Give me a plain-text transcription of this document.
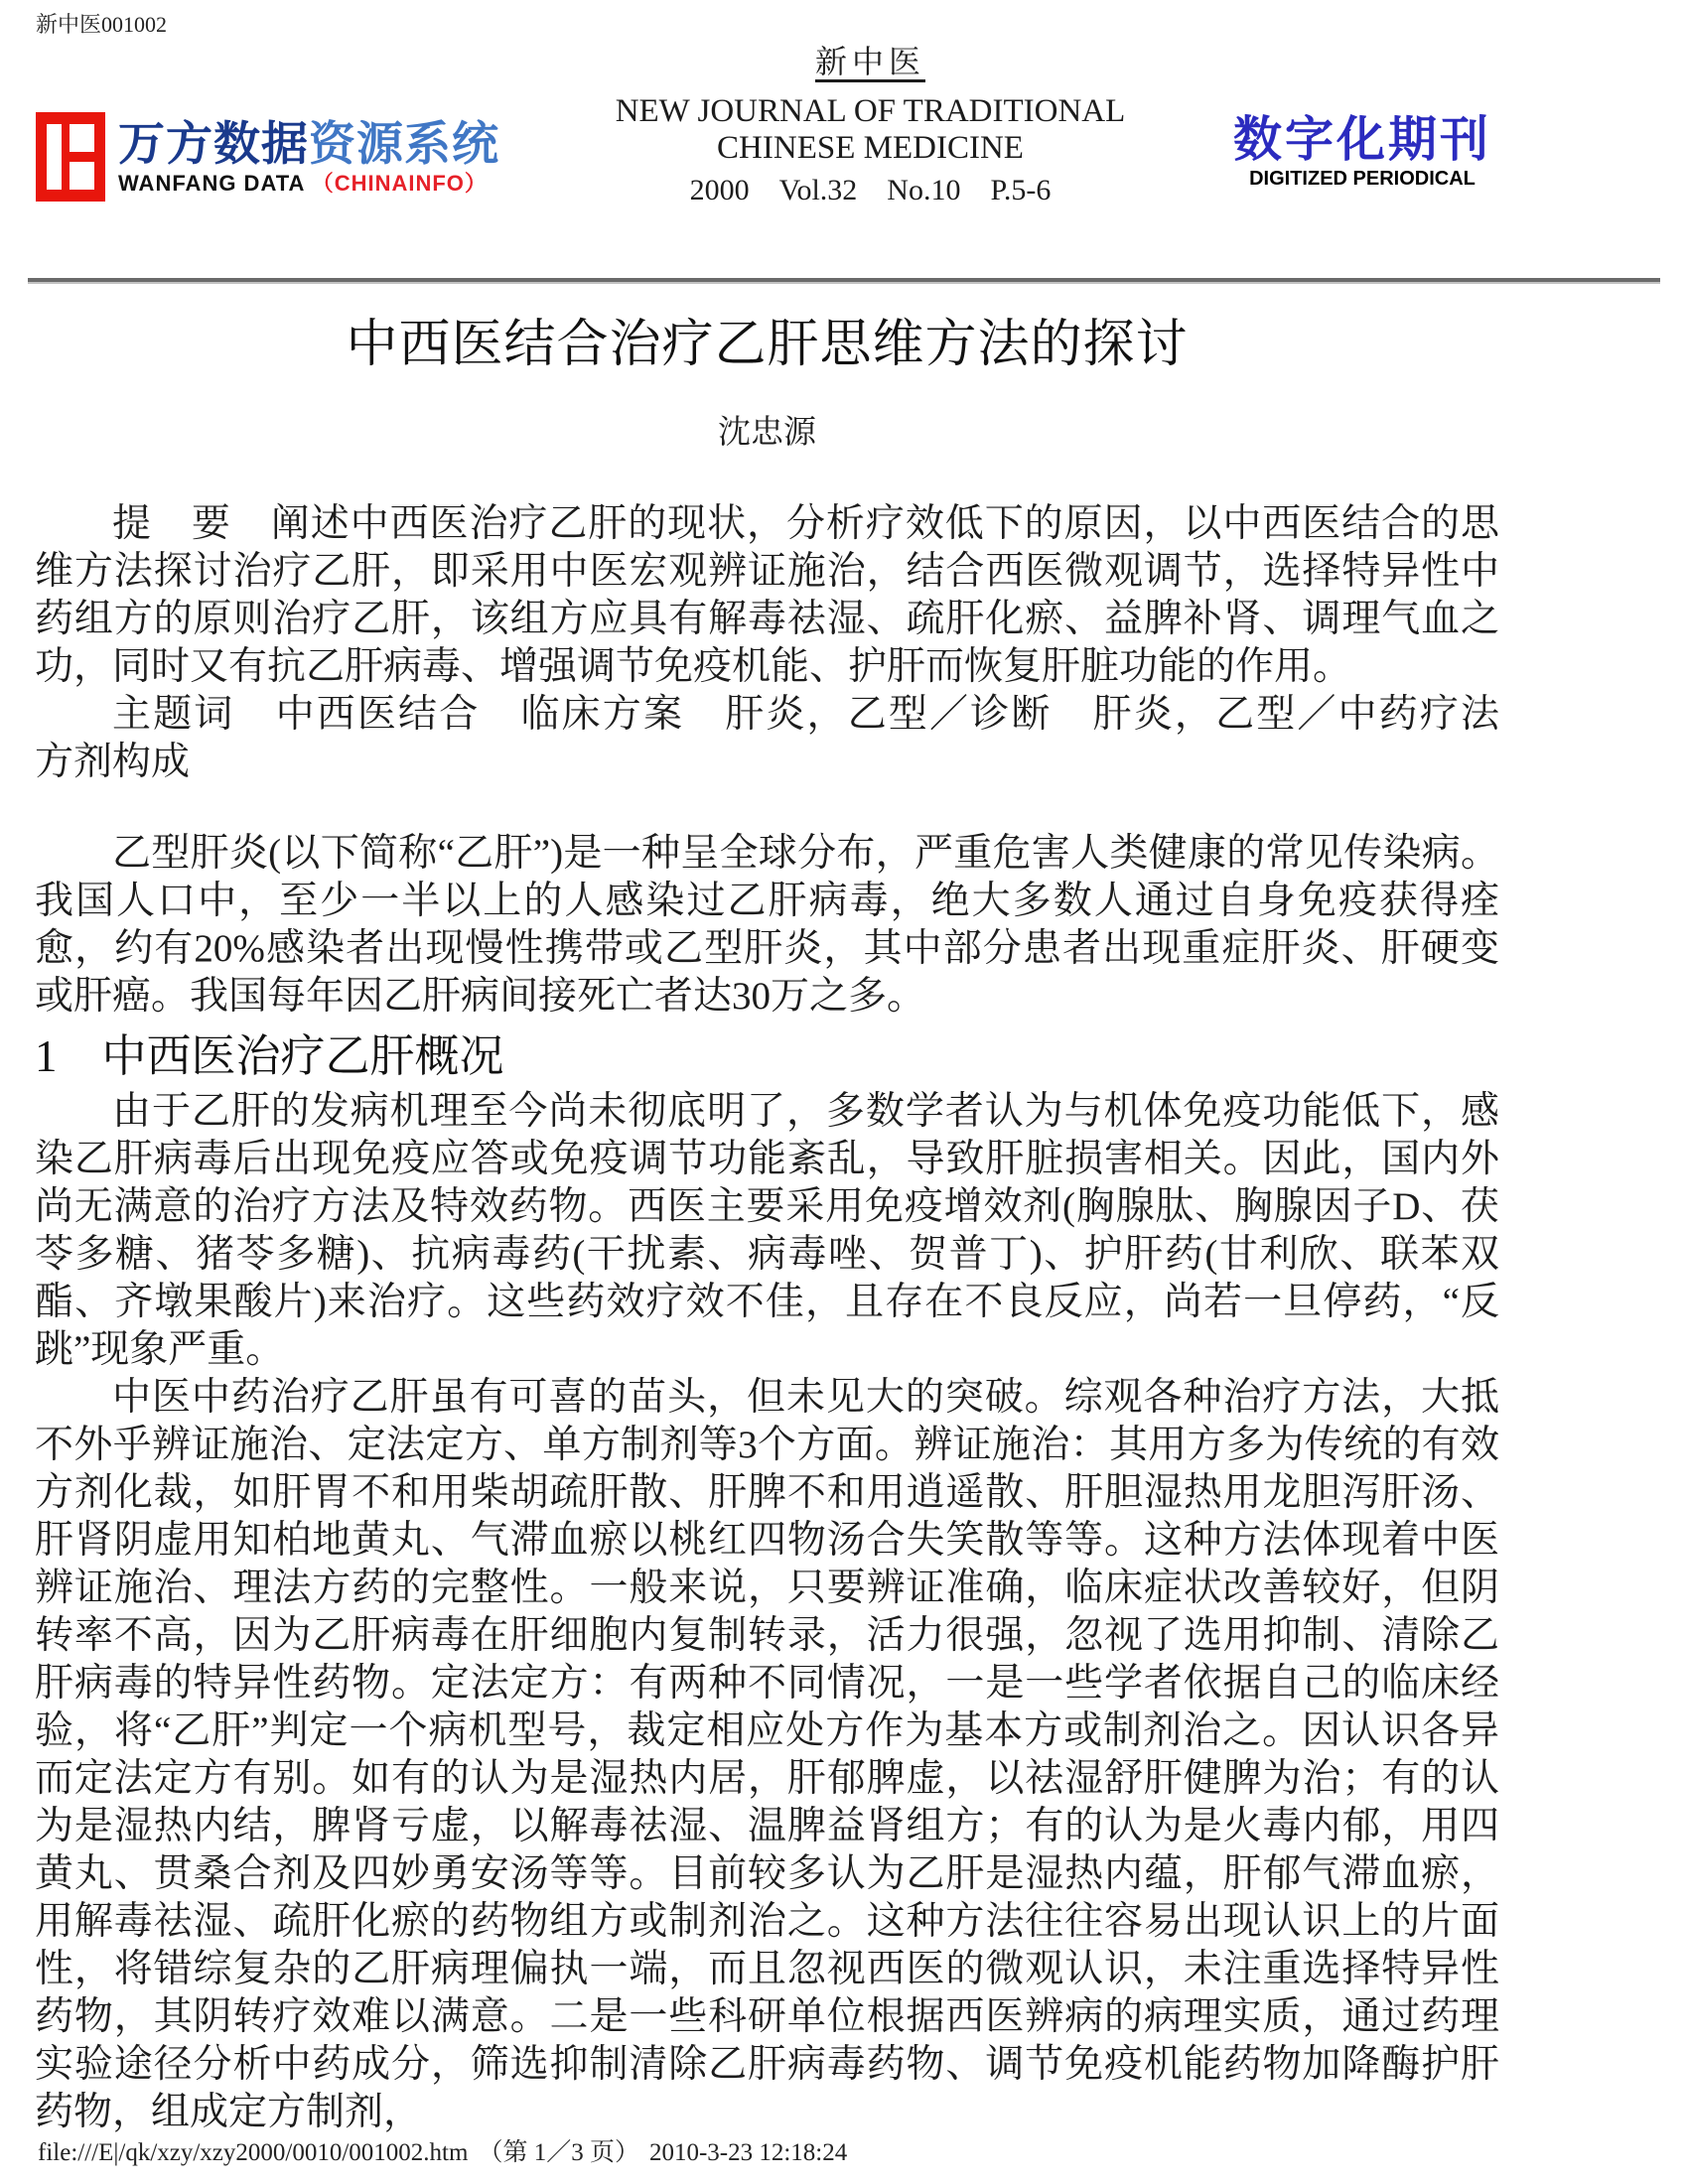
新中医001002
万方数据资源系统
WANFANG DATA （CHINAINFO）
新中医
NEW JOURNAL OF TRADITIONAL
CHINESE MEDICINE
2000　Vol.32　No.10　P.5-6
数字化期刊
DIGITIZED PERIODICAL
中西医结合治疗乙肝思维方法的探讨
沈忠源

提　要　阐述中西医治疗乙肝的现状，分析疗效低下的原因，以中西医结合的思维方法探讨治疗乙肝，即采用中医宏观辨证施治，结合西医微观调节，选择特异性中药组方的原则治疗乙肝，该组方应具有解毒祛湿、疏肝化瘀、益脾补肾、调理气血之功，同时又有抗乙肝病毒、增强调节免疫机能、护肝而恢复肝脏功能的作用。

主题词　中西医结合　临床方案　肝炎，乙型／诊断　肝炎，乙型／中药疗法　方剂构成

乙型肝炎(以下简称“乙肝”)是一种呈全球分布，严重危害人类健康的常见传染病。我国人口中，至少一半以上的人感染过乙肝病毒，绝大多数人通过自身免疫获得痊愈，约有20%感染者出现慢性携带或乙型肝炎，其中部分患者出现重症肝炎、肝硬变或肝癌。我国每年因乙肝病间接死亡者达30万之多。

1　中西医治疗乙肝概况

由于乙肝的发病机理至今尚未彻底明了，多数学者认为与机体免疫功能低下，感染乙肝病毒后出现免疫应答或免疫调节功能紊乱，导致肝脏损害相关。因此，国内外尚无满意的治疗方法及特效药物。西医主要采用免疫增效剂(胸腺肽、胸腺因子D、茯苓多糖、猪苓多糖)、抗病毒药(干扰素、病毒唑、贺普丁)、护肝药(甘利欣、联苯双酯、齐墩果酸片)来治疗。这些药效疗效不佳，且存在不良反应，尚若一旦停药，“反跳”现象严重。

中医中药治疗乙肝虽有可喜的苗头，但未见大的突破。综观各种治疗方法，大抵不外乎辨证施治、定法定方、单方制剂等3个方面。辨证施治：其用方多为传统的有效方剂化裁，如肝胃不和用柴胡疏肝散、肝脾不和用逍遥散、肝胆湿热用龙胆泻肝汤、肝肾阴虚用知柏地黄丸、气滞血瘀以桃红四物汤合失笑散等等。这种方法体现着中医辨证施治、理法方药的完整性。一般来说，只要辨证准确，临床症状改善较好，但阴转率不高，因为乙肝病毒在肝细胞内复制转录，活力很强，忽视了选用抑制、清除乙肝病毒的特异性药物。定法定方：有两种不同情况，一是一些学者依据自己的临床经验，将“乙肝”判定一个病机型号，裁定相应处方作为基本方或制剂治之。因认识各异而定法定方有别。如有的认为是湿热内居，肝郁脾虚，以祛湿舒肝健脾为治；有的认为是湿热内结，脾肾亏虚，以解毒祛湿、温脾益肾组方；有的认为是火毒内郁，用四黄丸、贯桑合剂及四妙勇安汤等等。目前较多认为乙肝是湿热内蕴，肝郁气滞血瘀，用解毒祛湿、疏肝化瘀的药物组方或制剂治之。这种方法往往容易出现认识上的片面性，将错综复杂的乙肝病理偏执一端，而且忽视西医的微观认识，未注重选择特异性药物，其阴转疗效难以满意。二是一些科研单位根据西医辨病的病理实质，通过药理实验途径分析中药成分，筛选抑制清除乙肝病毒药物、调节免疫机能药物加降酶护肝药物，组成定方制剂，

file:///E|/qk/xzy/xzy2000/0010/001002.htm （第 1／3 页） 2010-3-23 12:18:24
